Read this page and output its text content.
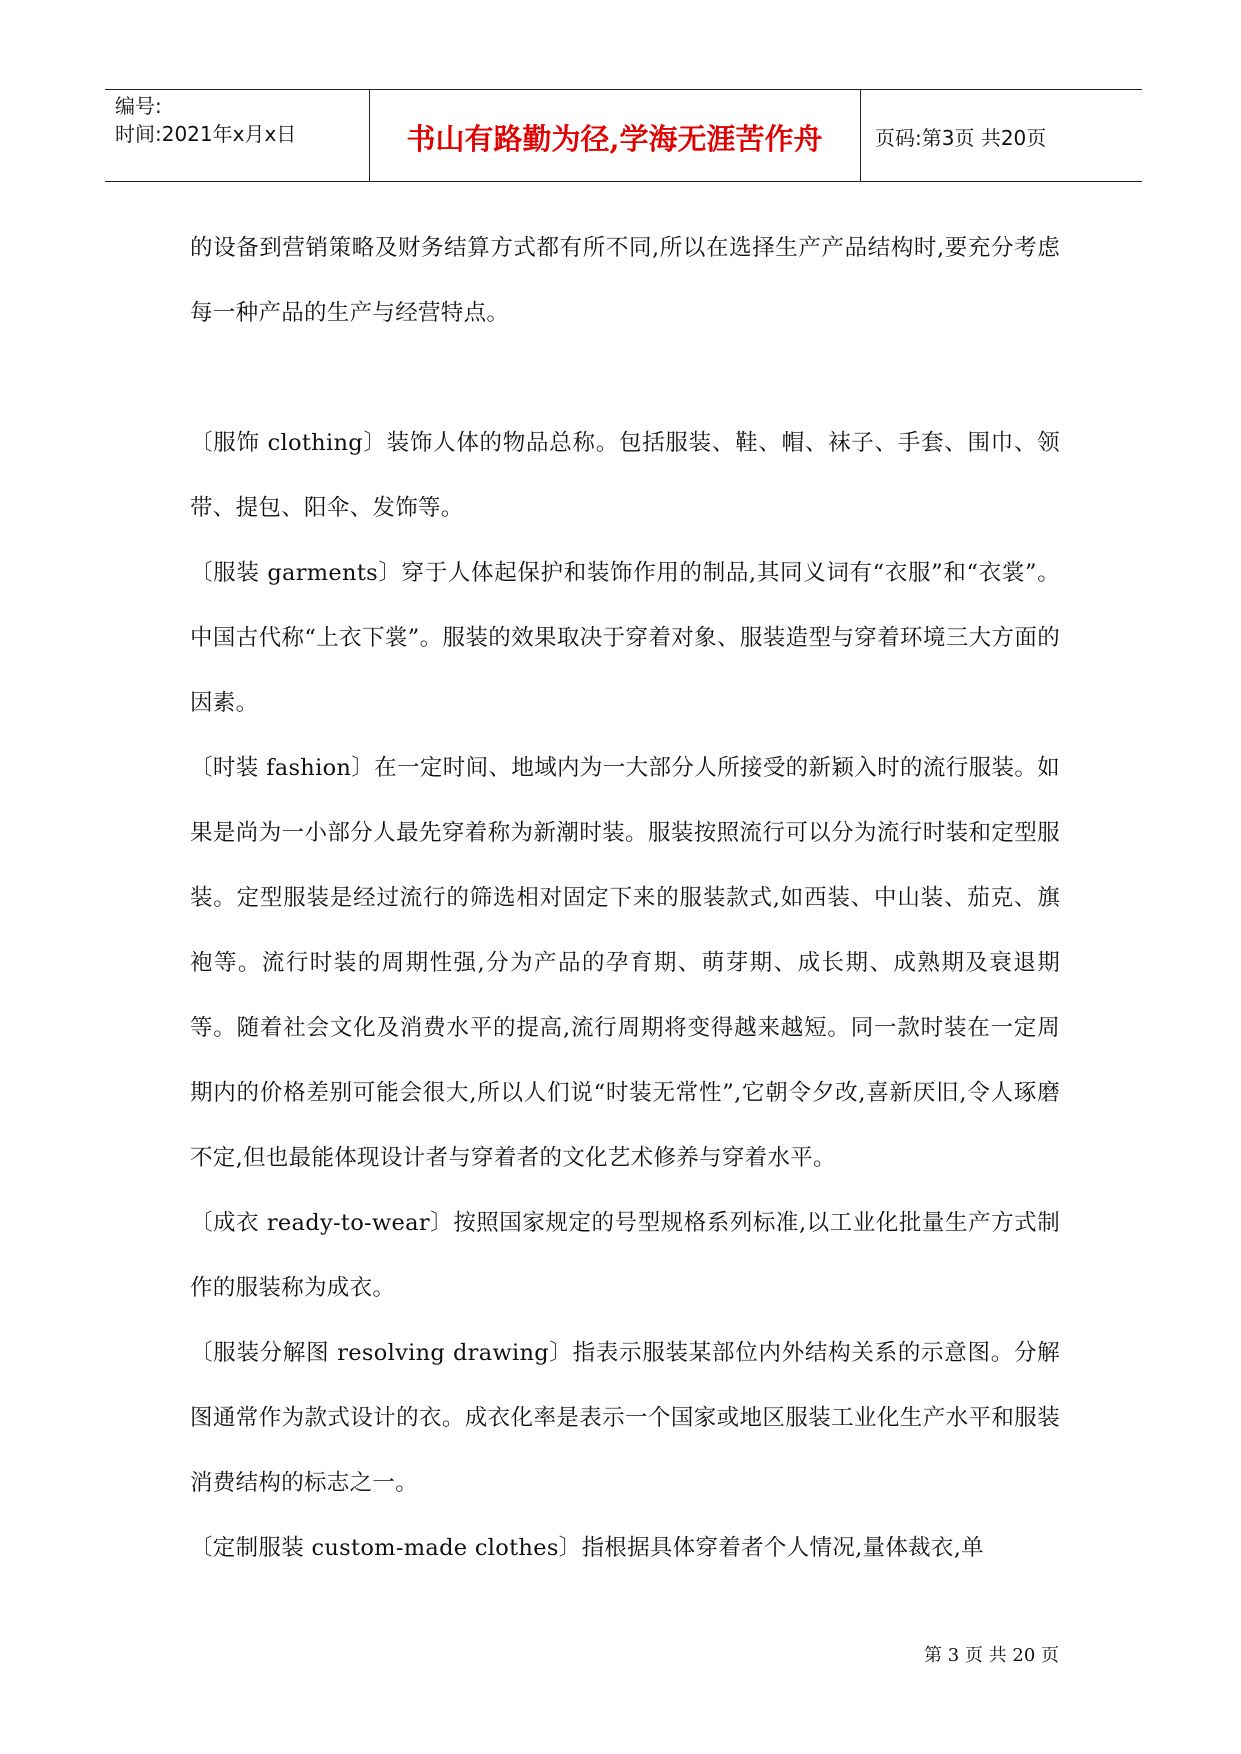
编号:
时间:2021年x月x日	书山有路勤为径,学海无涯苦作舟	页码:第3页 共20页

的设备到营销策略及财务结算方式都有所不同,所以在选择生产产品结构时,要充分考虑每一种产品的生产与经营特点。

〔服饰 clothing〕装饰人体的物品总称。包括服装、鞋、帽、袜子、手套、围巾、领带、提包、阳伞、发饰等。

〔服装 garments〕穿于人体起保护和装饰作用的制品,其同义词有“衣服”和“衣裳”。中国古代称“上衣下裳”。服装的效果取决于穿着对象、服装造型与穿着环境三大方面的因素。

〔时装 fashion〕在一定时间、地域内为一大部分人所接受的新颖入时的流行服装。如果是尚为一小部分人最先穿着称为新潮时装。服装按照流行可以分为流行时装和定型服装。定型服装是经过流行的筛选相对固定下来的服装款式,如西装、中山装、茄克、旗袍等。流行时装的周期性强,分为产品的孕育期、萌芽期、成长期、成熟期及衰退期等。随着社会文化及消费水平的提高,流行周期将变得越来越短。同一款时装在一定周期内的价格差别可能会很大,所以人们说“时装无常性”,它朝令夕改,喜新厌旧,令人琢磨不定,但也最能体现设计者与穿着者的文化艺术修养与穿着水平。

〔成衣 ready-to-wear〕按照国家规定的号型规格系列标准,以工业化批量生产方式制作的服装称为成衣。

〔服装分解图 resolving drawing〕指表示服装某部位内外结构关系的示意图。分解图通常作为款式设计的衣。成衣化率是表示一个国家或地区服装工业化生产水平和服装消费结构的标志之一。

〔定制服装 custom-made clothes〕指根据具体穿着者个人情况,量体裁衣,单

第 3 页 共 20 页
